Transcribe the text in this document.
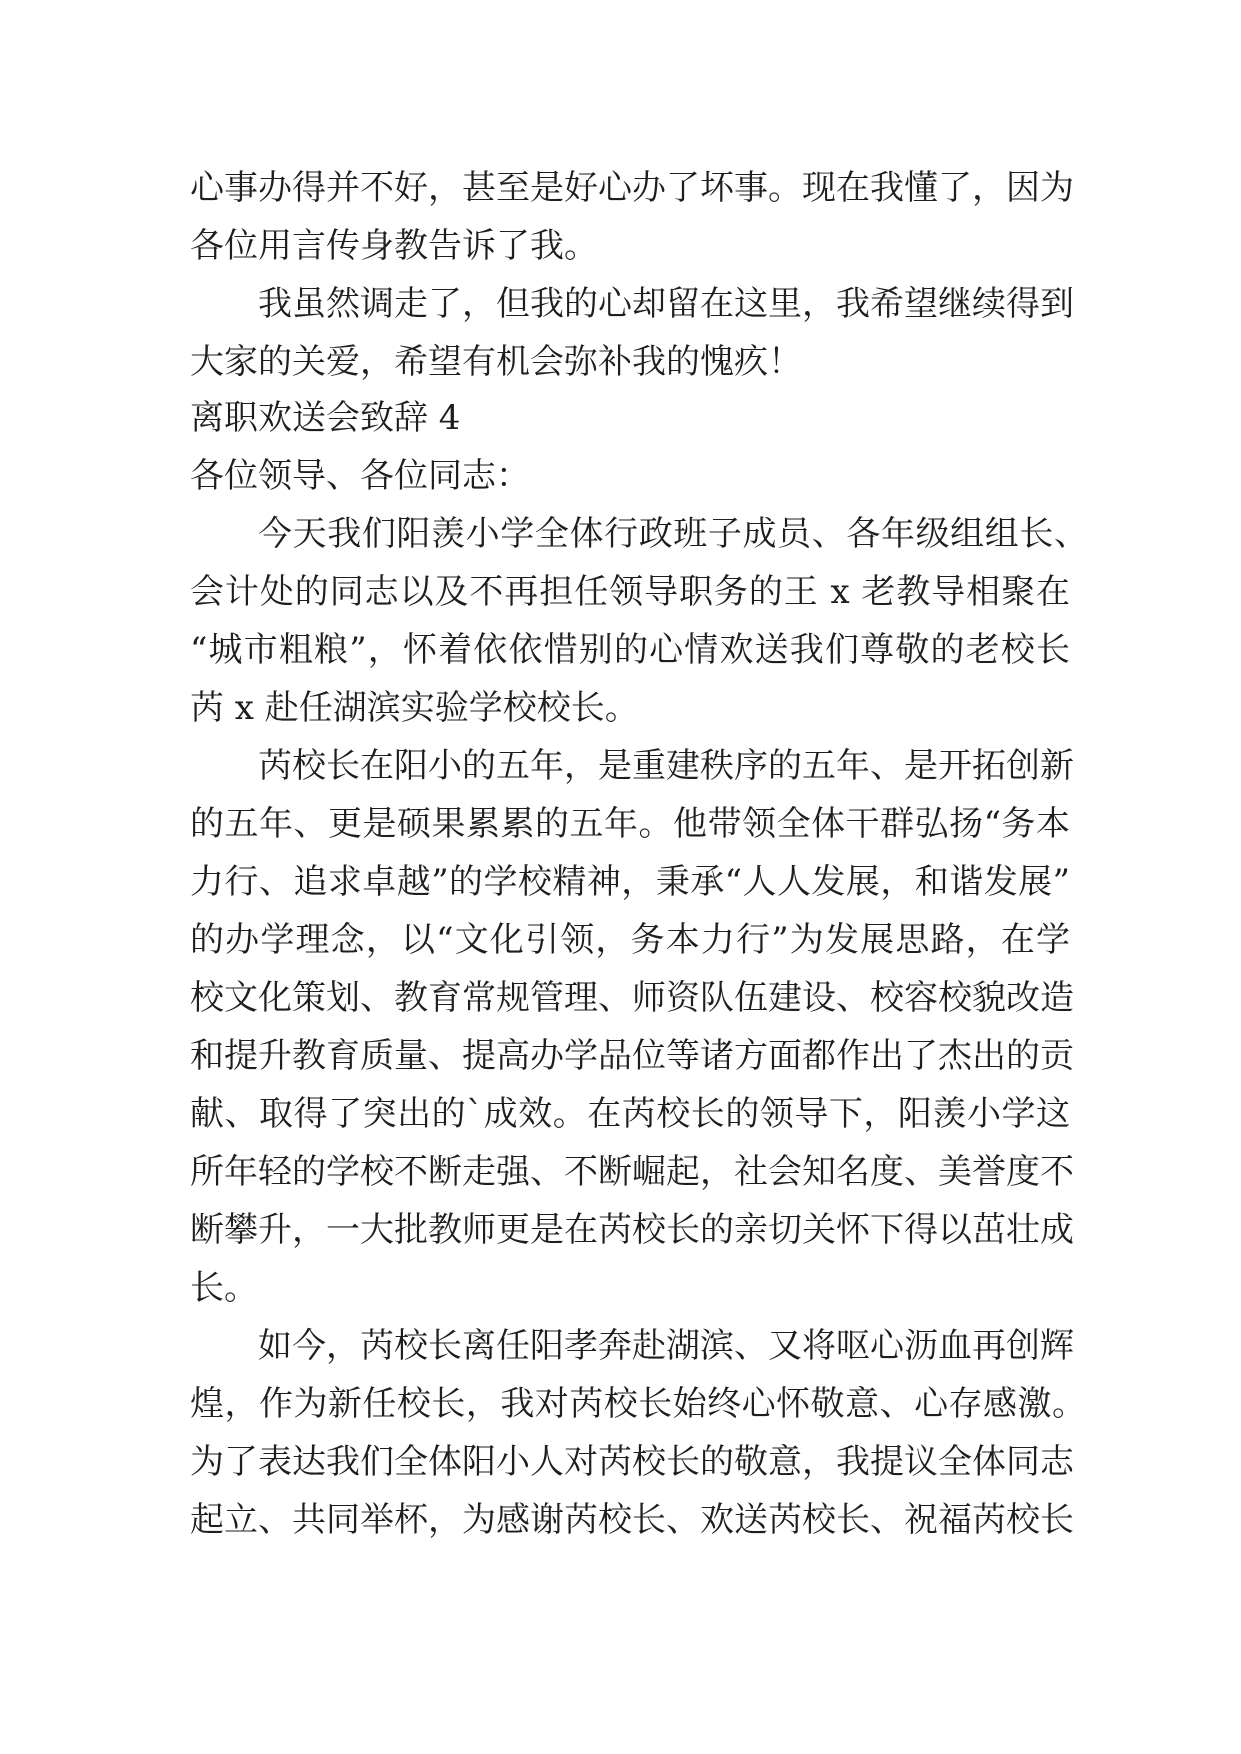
心事办得并不好，甚至是好心办了坏事。现在我懂了，因为
各位用言传身教告诉了我。
我虽然调走了，但我的心却留在这里，我希望继续得到
大家的关爱，希望有机会弥补我的愧疚！
离职欢送会致辞 4
各位领导、各位同志：
今天我们阳羡小学全体行政班子成员、各年级组组长、
会计处的同志以及不再担任领导职务的王 x 老教导相聚在
“城市粗粮”，怀着依依惜别的心情欢送我们尊敬的老校长
芮 x 赴任湖滨实验学校校长。
芮校长在阳小的五年，是重建秩序的五年、是开拓创新
的五年、更是硕果累累的五年。他带领全体干群弘扬“务本
力行、追求卓越”的学校精神，秉承“人人发展，和谐发展”
的办学理念，以“文化引领，务本力行”为发展思路，在学
校文化策划、教育常规管理、师资队伍建设、校容校貌改造
和提升教育质量、提高办学品位等诸方面都作出了杰出的贡
献、取得了突出的`成效。在芮校长的领导下，阳羡小学这
所年轻的学校不断走强、不断崛起，社会知名度、美誉度不
断攀升，一大批教师更是在芮校长的亲切关怀下得以茁壮成
长。
如今，芮校长离任阳孝奔赴湖滨、又将呕心沥血再创辉
煌，作为新任校长，我对芮校长始终心怀敬意、心存感激。
为了表达我们全体阳小人对芮校长的敬意，我提议全体同志
起立、共同举杯，为感谢芮校长、欢送芮校长、祝福芮校长
